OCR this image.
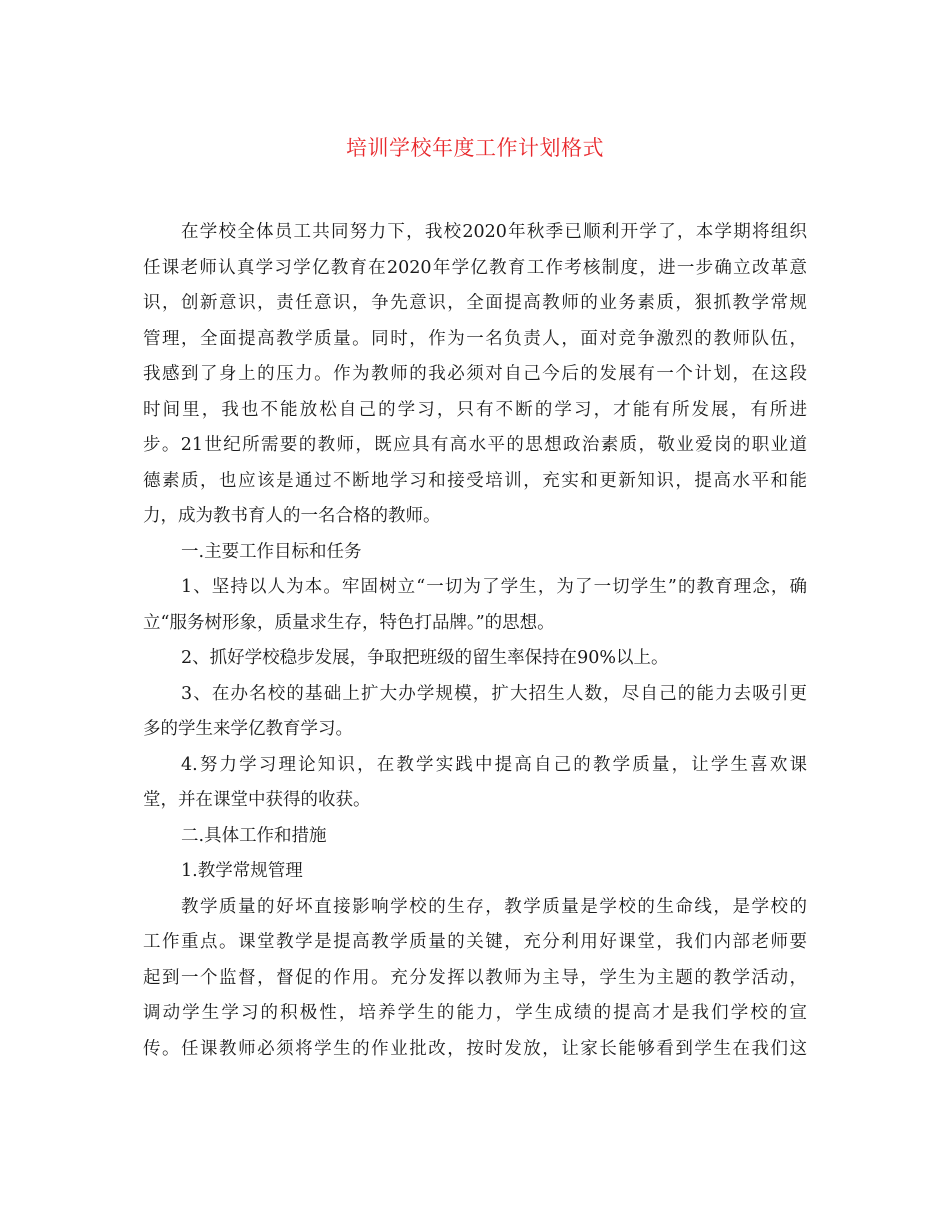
培训学校年度工作计划格式
在学校全体员工共同努力下，我校2020年秋季已顺利开学了，本学期将组织
任课老师认真学习学亿教育在2020年学亿教育工作考核制度，进一步确立改革意
识，创新意识，责任意识，争先意识，全面提高教师的业务素质，狠抓教学常规
管理，全面提高教学质量。同时，作为一名负责人，面对竞争激烈的教师队伍，
我感到了身上的压力。作为教师的我必须对自己今后的发展有一个计划，在这段
时间里，我也不能放松自己的学习，只有不断的学习，才能有所发展，有所进
步。21世纪所需要的教师，既应具有高水平的思想政治素质，敬业爱岗的职业道
德素质，也应该是通过不断地学习和接受培训，充实和更新知识，提高水平和能
力，成为教书育人的一名合格的教师。
一.主要工作目标和任务
1、坚持以人为本。牢固树立“一切为了学生，为了一切学生”的教育理念，确
立“服务树形象，质量求生存，特色打品牌。”的思想。
2、抓好学校稳步发展，争取把班级的留生率保持在90%以上。
3、在办名校的基础上扩大办学规模，扩大招生人数，尽自己的能力去吸引更
多的学生来学亿教育学习。
4.努力学习理论知识，在教学实践中提高自己的教学质量，让学生喜欢课
堂，并在课堂中获得的收获。
二.具体工作和措施
1.教学常规管理
教学质量的好坏直接影响学校的生存，教学质量是学校的生命线，是学校的
工作重点。课堂教学是提高教学质量的关键，充分利用好课堂，我们内部老师要
起到一个监督，督促的作用。充分发挥以教师为主导，学生为主题的教学活动，
调动学生学习的积极性，培养学生的能力，学生成绩的提高才是我们学校的宣
传。任课教师必须将学生的作业批改，按时发放，让家长能够看到学生在我们这
